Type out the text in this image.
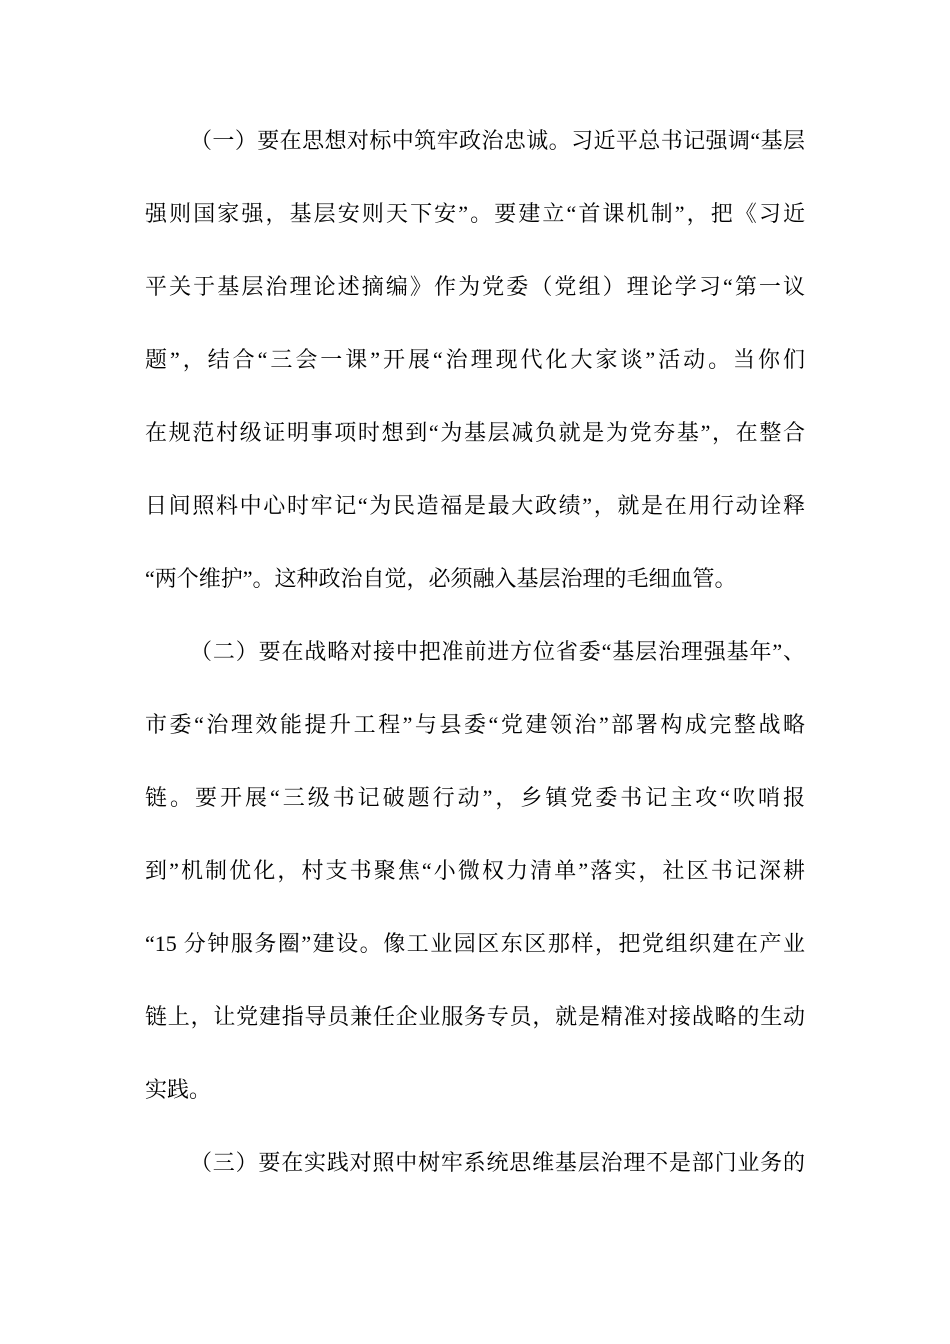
（一）要在思想对标中筑牢政治忠诚。习近平总书记强调“基层
强则国家强，基层安则天下安”。要建立“首课机制”，把《习近
平关于基层治理论述摘编》作为党委（党组）理论学习“第一议
题”，结合“三会一课”开展“治理现代化大家谈”活动。当你们
在规范村级证明事项时想到“为基层减负就是为党夯基”，在整合
日间照料中心时牢记“为民造福是最大政绩”，就是在用行动诠释
“两个维护”。这种政治自觉，必须融入基层治理的毛细血管。
（二）要在战略对接中把准前进方位省委“基层治理强基年”、
市委“治理效能提升工程”与县委“党建领治”部署构成完整战略
链。要开展“三级书记破题行动”，乡镇党委书记主攻“吹哨报
到”机制优化，村支书聚焦“小微权力清单”落实，社区书记深耕
“15 分钟服务圈”建设。像工业园区东区那样，把党组织建在产业
链上，让党建指导员兼任企业服务专员，就是精准对接战略的生动
实践。
（三）要在实践对照中树牢系统思维基层治理不是部门业务的
